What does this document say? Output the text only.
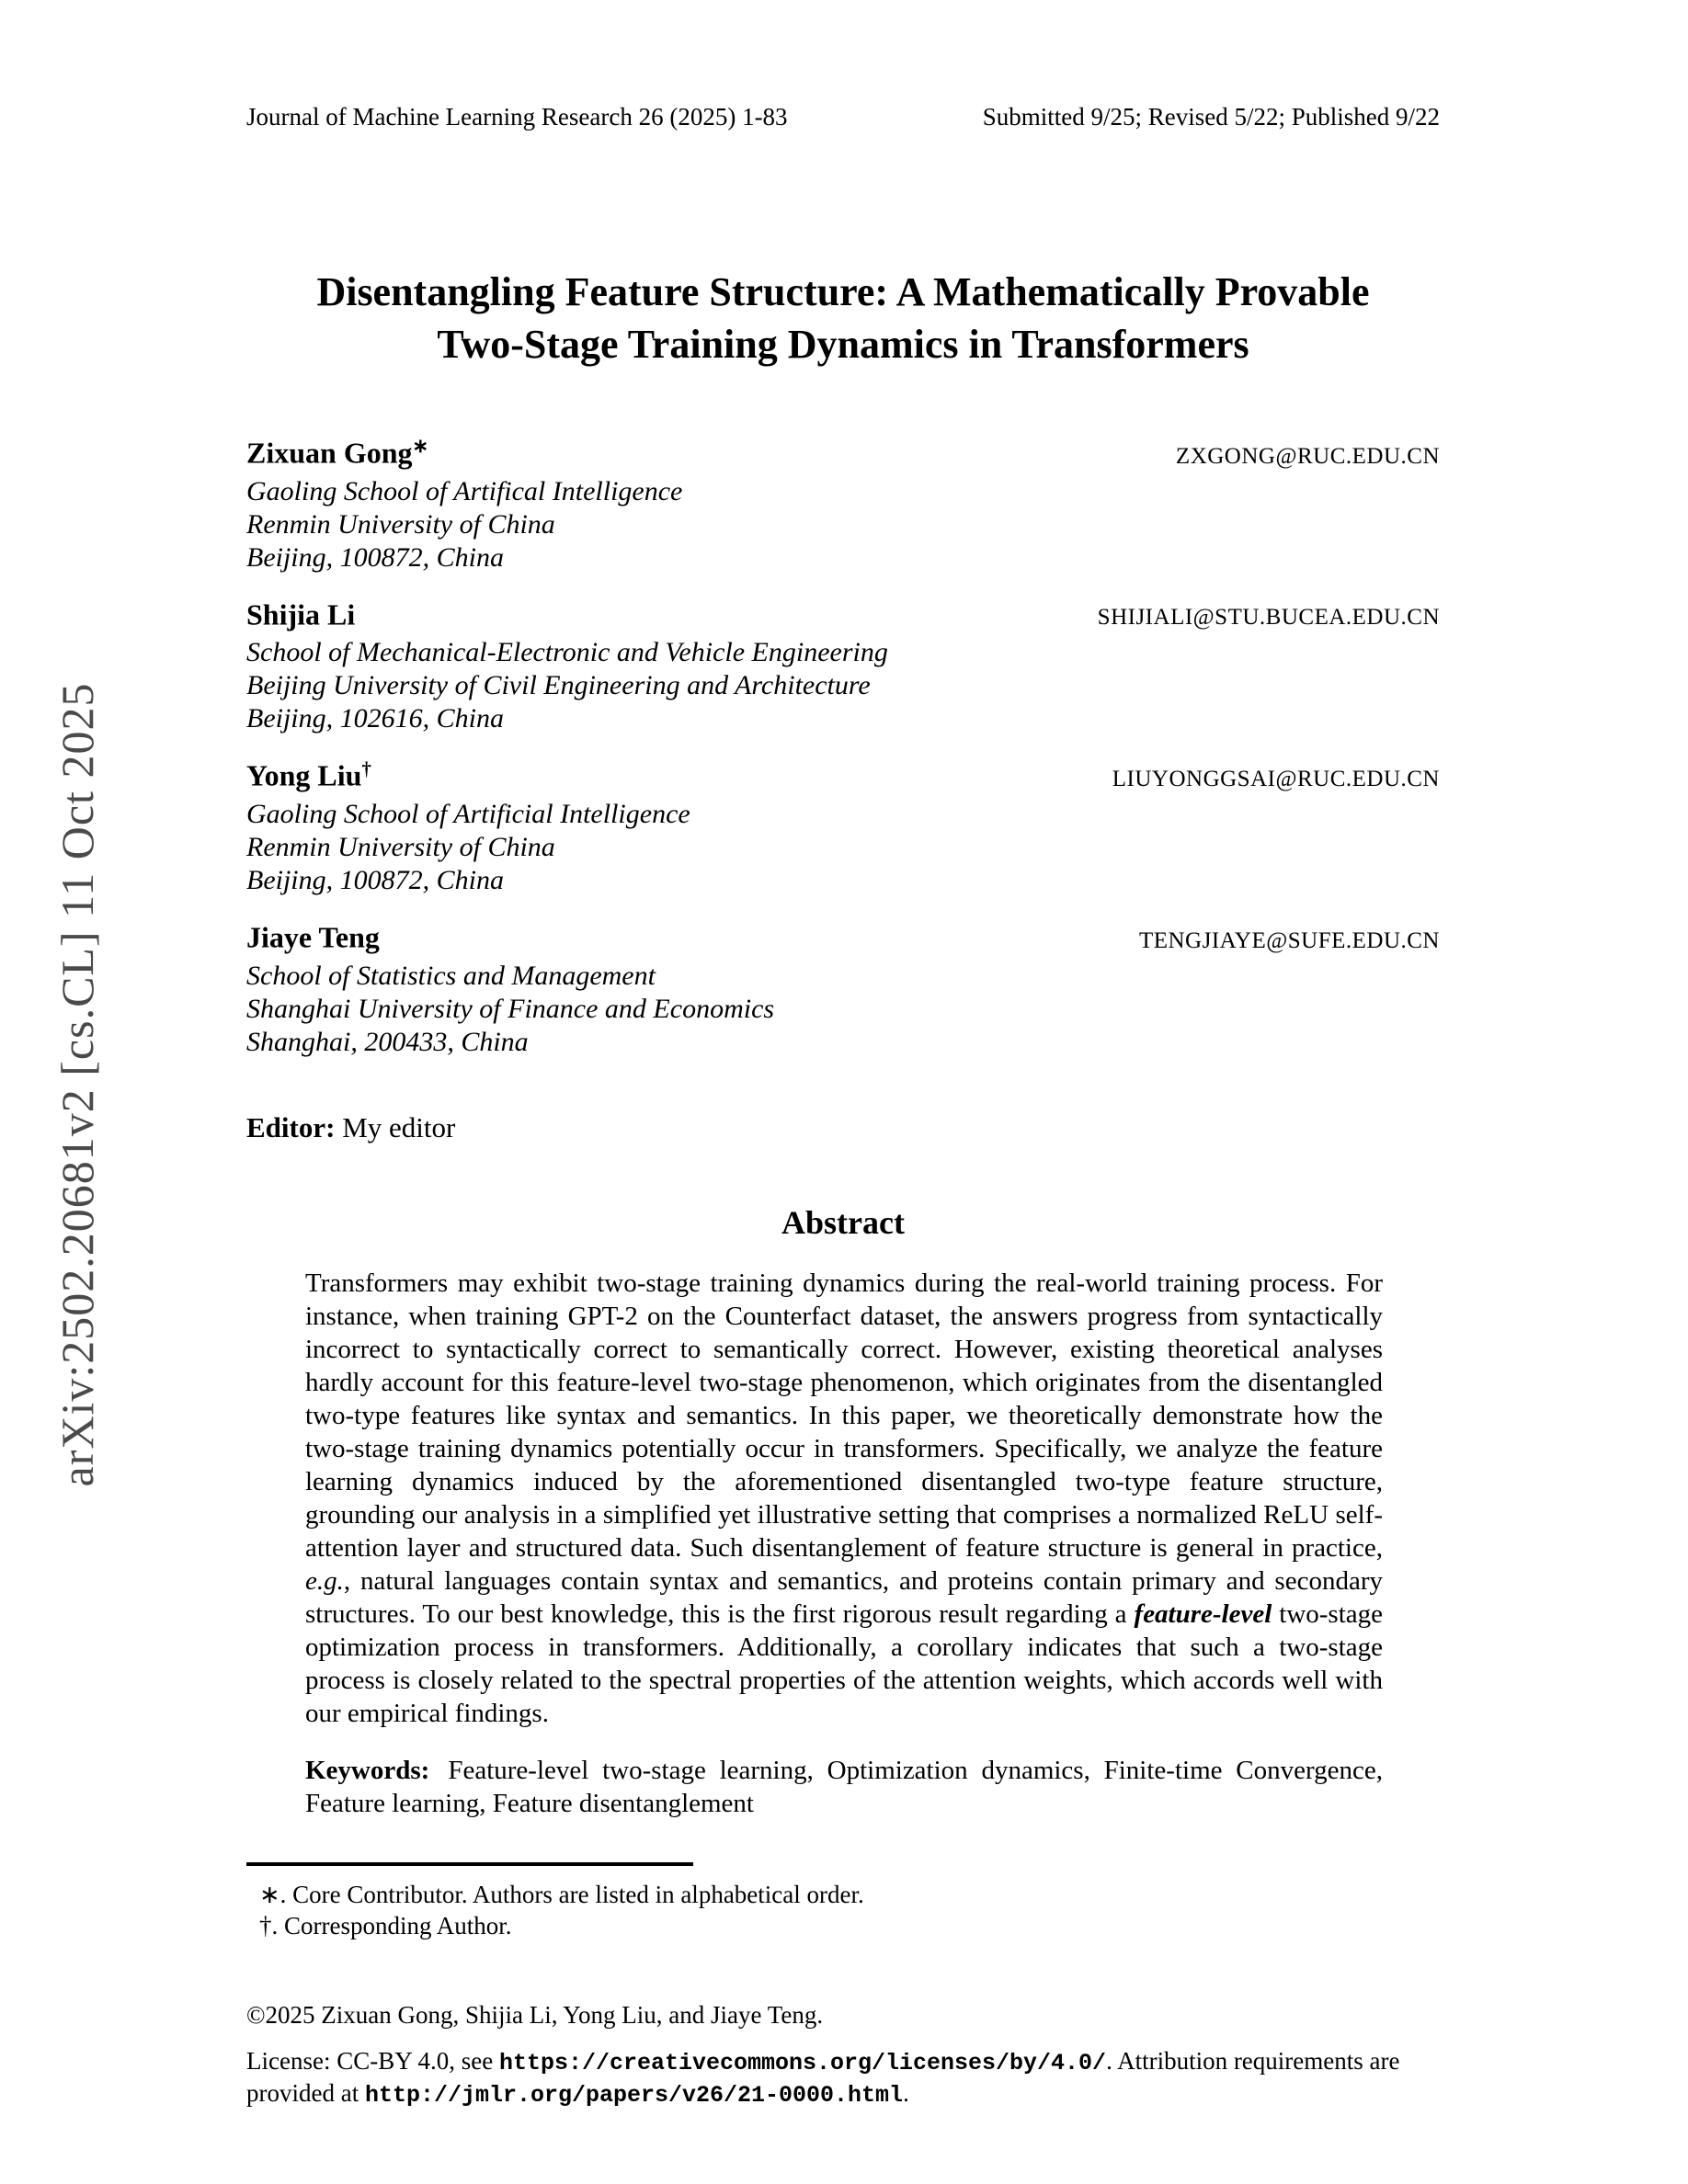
arXiv:2502.20681v2 [cs.CL] 11 Oct 2025
Journal of Machine Learning Research 26 (2025) 1-83	Submitted 9/25; Revised 5/22; Published 9/22
Disentangling Feature Structure: A Mathematically Provable
Two-Stage Training Dynamics in Transformers
Zixuan Gong∗	ZXGONG@RUC.EDU.CN
Gaoling School of Artifical Intelligence
Renmin University of China
Beijing, 100872, China
Shijia Li	SHIJIALI@STU.BUCEA.EDU.CN
School of Mechanical-Electronic and Vehicle Engineering
Beijing University of Civil Engineering and Architecture
Beijing, 102616, China
Yong Liu†	LIUYONGGSAI@RUC.EDU.CN
Gaoling School of Artificial Intelligence
Renmin University of China
Beijing, 100872, China
Jiaye Teng	TENGJIAYE@SUFE.EDU.CN
School of Statistics and Management
Shanghai University of Finance and Economics
Shanghai, 200433, China
Editor: My editor
Abstract
Transformers may exhibit two-stage training dynamics during the real-world training process. For instance, when training GPT-2 on the Counterfact dataset, the answers progress from syntactically incorrect to syntactically correct to semantically correct. However, existing theoretical analyses hardly account for this feature-level two-stage phenomenon, which originates from the disentangled two-type features like syntax and semantics. In this paper, we theoretically demonstrate how the two-stage training dynamics potentially occur in transformers. Specifically, we analyze the feature learning dynamics induced by the aforementioned disentangled two-type feature structure, grounding our analysis in a simplified yet illustrative setting that comprises a normalized ReLU self-attention layer and structured data. Such disentanglement of feature structure is general in practice, e.g., natural languages contain syntax and semantics, and proteins contain primary and secondary structures. To our best knowledge, this is the first rigorous result regarding a feature-level two-stage optimization process in transformers. Additionally, a corollary indicates that such a two-stage process is closely related to the spectral properties of the attention weights, which accords well with our empirical findings.
Keywords: Feature-level two-stage learning, Optimization dynamics, Finite-time Convergence, Feature learning, Feature disentanglement
∗. Core Contributor. Authors are listed in alphabetical order.
†. Corresponding Author.
©2025 Zixuan Gong, Shijia Li, Yong Liu, and Jiaye Teng.
License: CC-BY 4.0, see https://creativecommons.org/licenses/by/4.0/. Attribution requirements are provided at http://jmlr.org/papers/v26/21-0000.html.
